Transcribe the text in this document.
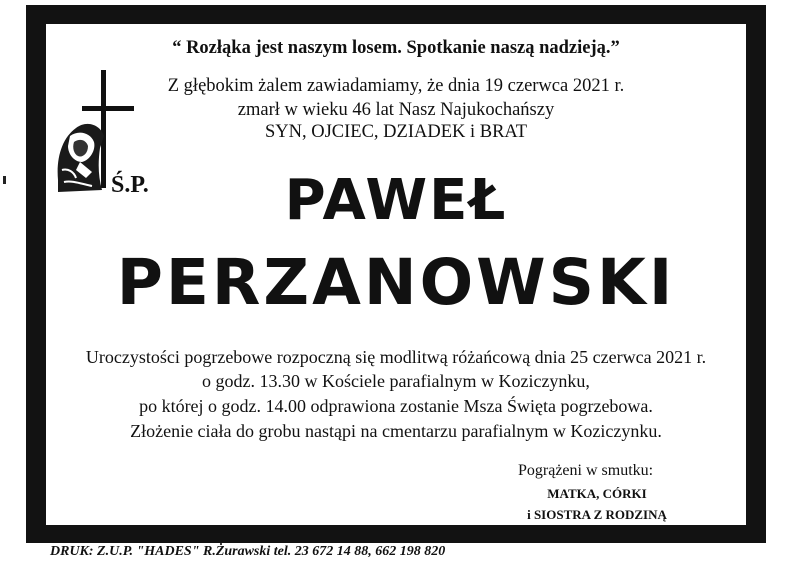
“ Rozłąka jest naszym losem. Spotkanie naszą nadzieją.”
Z głębokim żalem zawiadamiamy, że dnia 19 czerwca 2021 r.
zmarł w wieku 46 lat Nasz Najukochańszy
SYN, OJCIEC, DZIADEK i BRAT
Ś.P.	PAWEŁ
PERZANOWSKI
Uroczystości pogrzebowe rozpoczną się modlitwą różańcową dnia 25 czerwca 2021 r.
o godz. 13.30 w Kościele parafialnym w Koziczynku,
po której o godz. 14.00 odprawiona zostanie Msza Święta pogrzebowa.
Złożenie ciała do grobu nastąpi na cmentarzu parafialnym w Koziczynku.
Pogrążeni w smutku:
MATKA, CÓRKI
i SIOSTRA Z RODZINĄ
DRUK: Z.U.P. "HADES" R.Żurawski tel. 23 672 14 88, 662 198 820
